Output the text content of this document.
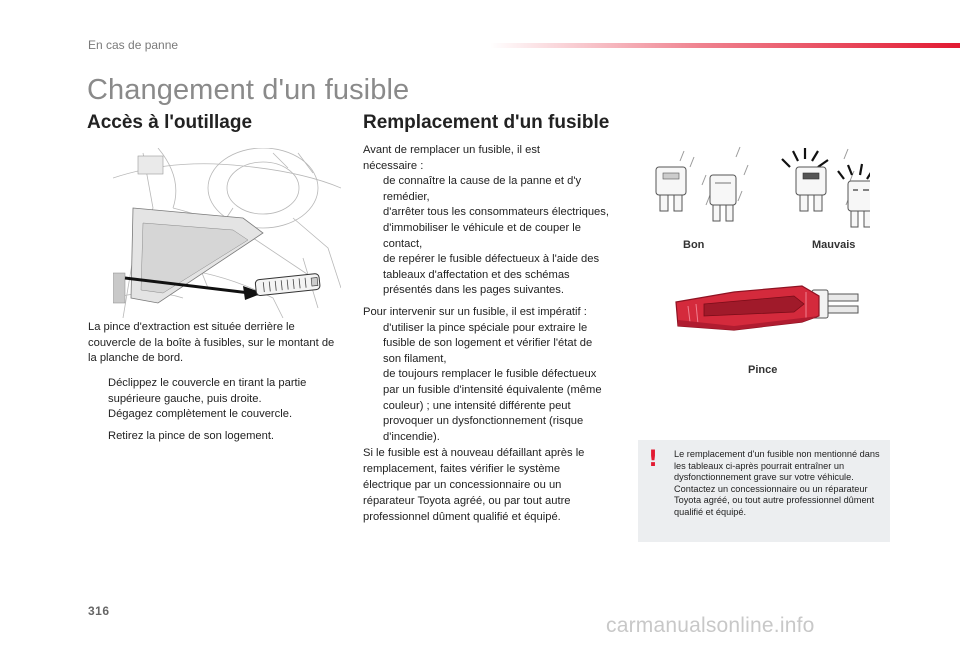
En cas de panne
Changement d'un fusible
Accès à l'outillage
La pince d'extraction est située derrière le couvercle de la boîte à fusibles, sur le montant de la planche de bord.
Déclippez le couvercle en tirant la partie supérieure gauche, puis droite.
Dégagez complètement le couvercle.
Retirez la pince de son logement.
Remplacement d'un fusible
Avant de remplacer un fusible, il est nécessaire :
de connaître la cause de la panne et d'y remédier,
d'arrêter tous les consommateurs électriques,
d'immobiliser le véhicule et de couper le contact,
de repérer le fusible défectueux à l'aide des tableaux d'affectation et des schémas présentés dans les pages suivantes.
Pour intervenir sur un fusible, il est impératif :
d'utiliser la pince spéciale pour extraire le fusible de son logement et vérifier l'état de son filament,
de toujours remplacer le fusible défectueux par un fusible d'intensité équivalente (même couleur) ; une intensité différente peut provoquer un dysfonctionnement (risque d'incendie).
Si le fusible est à nouveau défaillant après le remplacement, faites vérifier le système électrique par un concessionnaire ou un réparateur Toyota agréé, ou par tout autre professionnel dûment qualifié et équipé.
Bon	Mauvais
Pince
! Le remplacement d'un fusible non mentionné dans les tableaux ci-après pourrait entraîner un dysfonctionnement grave sur votre véhicule. Contactez un concessionnaire ou un réparateur Toyota agréé, ou tout autre professionnel dûment qualifié et équipé.
316
carmanualsonline.info
